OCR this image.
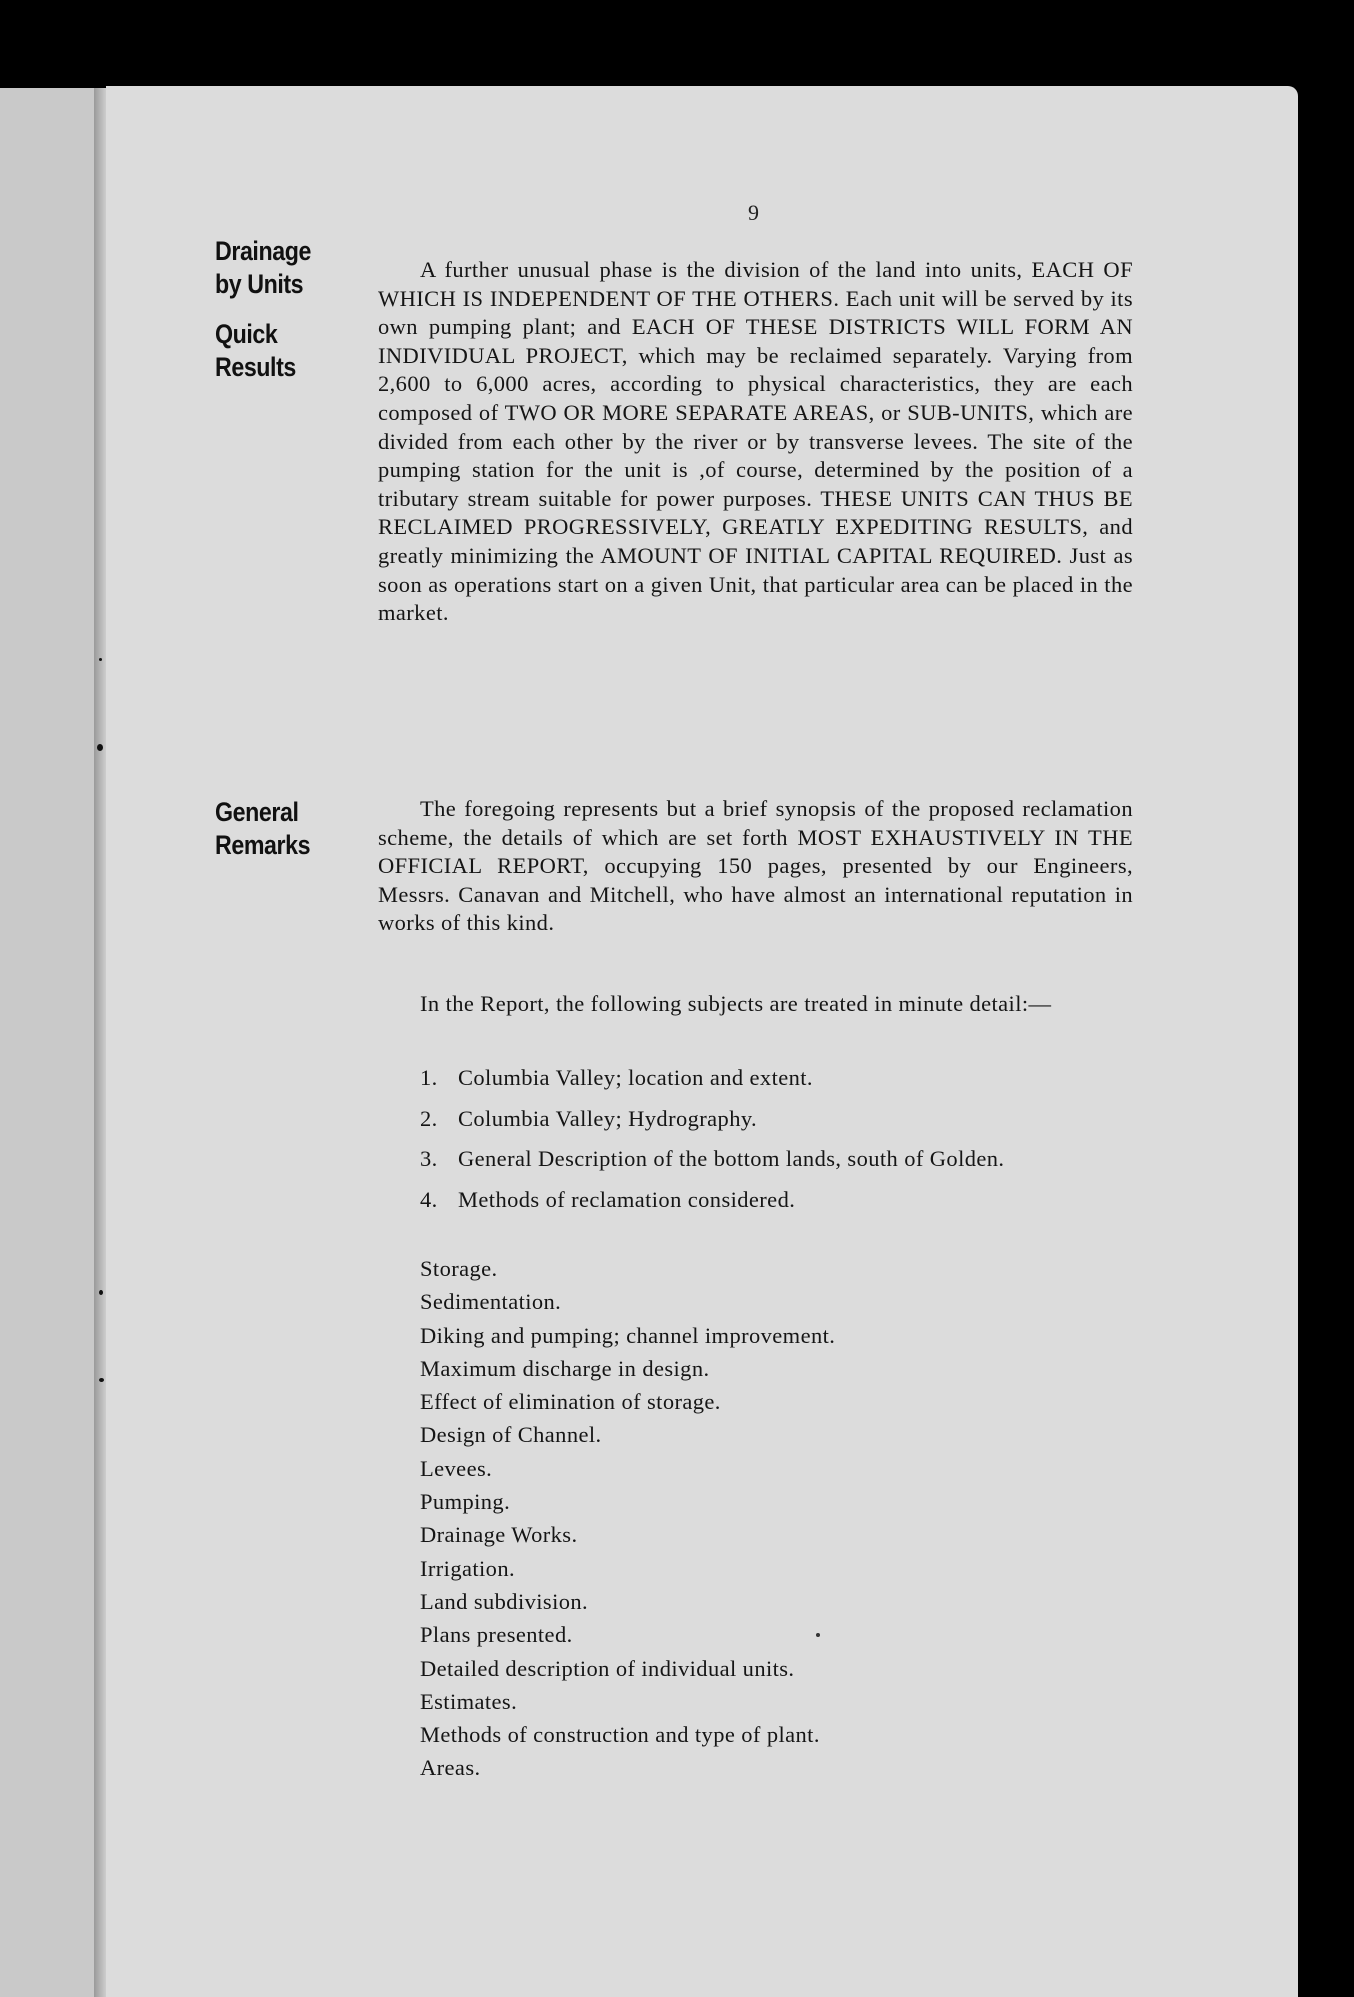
9
Drainage
by Units
Quick
Results
General
Remarks

A further unusual phase is the division of the land into units, EACH OF WHICH IS INDEPENDENT OF THE OTHERS. Each unit will be served by its own pumping plant; and EACH OF THESE DISTRICTS WILL FORM AN INDIVIDUAL PROJECT, which may be reclaimed separately. Varying from 2,600 to 6,000 acres, according to physical characteristics, they are each composed of TWO OR MORE SEPARATE AREAS, or SUB-UNITS, which are divided from each other by the river or by transverse levees. The site of the pumping station for the unit is ,of course, determined by the position of a tributary stream suitable for power purposes. THESE UNITS CAN THUS BE RECLAIMED PROGRESSIVELY, GREATLY EXPEDITING RESULTS, and greatly minimizing the AMOUNT OF INITIAL CAPITAL REQUIRED. Just as soon as operations start on a given Unit, that particular area can be placed in the market.

The foregoing represents but a brief synopsis of the proposed reclamation scheme, the details of which are set forth MOST EXHAUSTIVELY IN THE OFFICIAL REPORT, occupying 150 pages, presented by our Engineers, Messrs. Canavan and Mitchell, who have almost an international reputation in works of this kind.

In the Report, the following subjects are treated in minute detail:—

1. Columbia Valley; location and extent.
2. Columbia Valley; Hydrography.
3. General Description of the bottom lands, south of Golden.
4. Methods of reclamation considered.
Storage.
Sedimentation.
Diking and pumping; channel improvement.
Maximum discharge in design.
Effect of elimination of storage.
Design of Channel.
Levees.
Pumping.
Drainage Works.
Irrigation.
Land subdivision.
Plans presented.
Detailed description of individual units.
Estimates.
Methods of construction and type of plant.
Areas.
